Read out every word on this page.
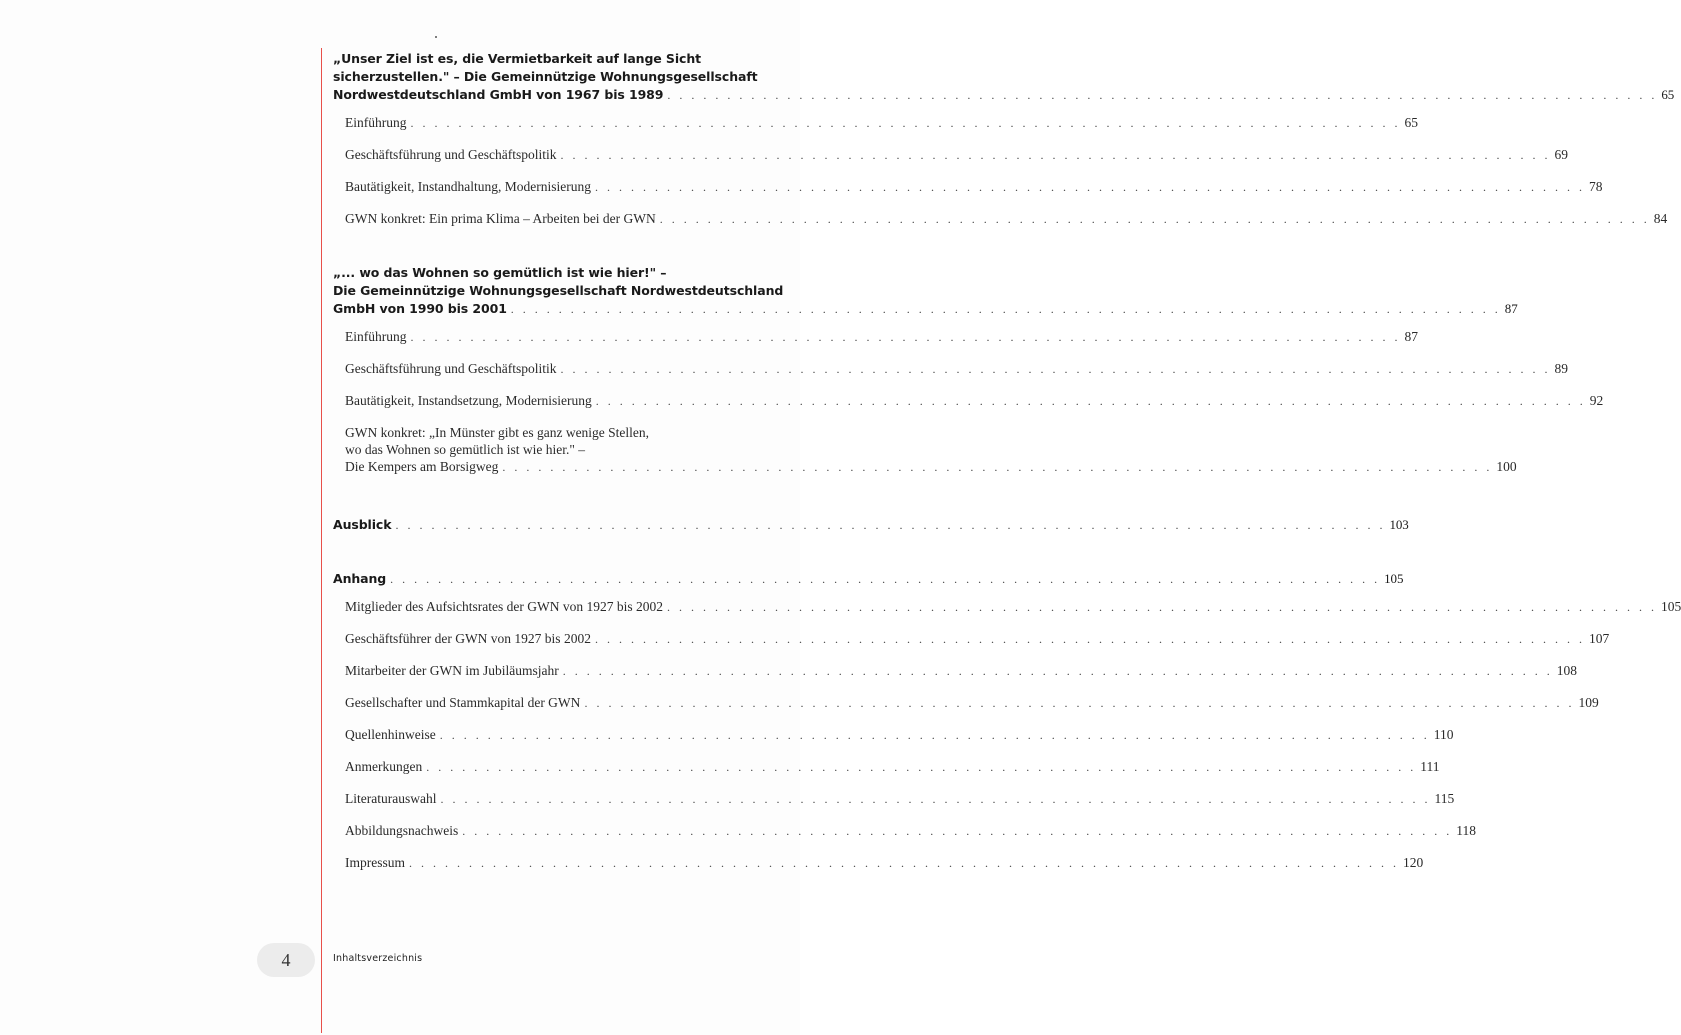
„Unser Ziel ist es, die Vermietbarkeit auf lange Sicht
sicherzustellen." – Die Gemeinnützige Wohnungsgesellschaft
Nordwestdeutschland GmbH von 1967 bis 1989 . . . . . . . . . . . . . . . . . . . . . . . . . . . . . . . . . . . . . . . . . . . . . . . . . . . . . . . . . . . . . . . . . . . . . . . . . . . . . . . . . . . 65
Einführung . . . . . . . . . . . . . . . . . . . . . . . . . . . . . . . . . . . . . . . . . . . . . . . . . . . . . . . . . . . . . . . . . . . . . . . . . . . . . . . . . . . 65
Geschäftsführung und Geschäftspolitik . . . . . . . . . . . . . . . . . . . . . . . . . . . . . . . . . . . . . . . . . . . . . . . . . . . . . . . . . . . . . . . . . . . . . . . . . . . . . . . . . . . 69
Bautätigkeit, Instandhaltung, Modernisierung . . . . . . . . . . . . . . . . . . . . . . . . . . . . . . . . . . . . . . . . . . . . . . . . . . . . . . . . . . . . . . . . . . . . . . . . . . . . . . . . . . . 78
GWN konkret: Ein prima Klima – Arbeiten bei der GWN . . . . . . . . . . . . . . . . . . . . . . . . . . . . . . . . . . . . . . . . . . . . . . . . . . . . . . . . . . . . . . . . . . . . . . . . . . . . . . . . . . . 84
„... wo das Wohnen so gemütlich ist wie hier!" –
Die Gemeinnützige Wohnungsgesellschaft Nordwestdeutschland
GmbH von 1990 bis 2001 . . . . . . . . . . . . . . . . . . . . . . . . . . . . . . . . . . . . . . . . . . . . . . . . . . . . . . . . . . . . . . . . . . . . . . . . . . . . . . . . . . . 87
Einführung . . . . . . . . . . . . . . . . . . . . . . . . . . . . . . . . . . . . . . . . . . . . . . . . . . . . . . . . . . . . . . . . . . . . . . . . . . . . . . . . . . . 87
Geschäftsführung und Geschäftspolitik . . . . . . . . . . . . . . . . . . . . . . . . . . . . . . . . . . . . . . . . . . . . . . . . . . . . . . . . . . . . . . . . . . . . . . . . . . . . . . . . . . . 89
Bautätigkeit, Instandsetzung, Modernisierung . . . . . . . . . . . . . . . . . . . . . . . . . . . . . . . . . . . . . . . . . . . . . . . . . . . . . . . . . . . . . . . . . . . . . . . . . . . . . . . . . . . 92
GWN konkret: „In Münster gibt es ganz wenige Stellen,
wo das Wohnen so gemütlich ist wie hier." –
Die Kempers am Borsigweg . . . . . . . . . . . . . . . . . . . . . . . . . . . . . . . . . . . . . . . . . . . . . . . . . . . . . . . . . . . . . . . . . . . . . . . . . . . . . . . . . . . 100
Ausblick . . . . . . . . . . . . . . . . . . . . . . . . . . . . . . . . . . . . . . . . . . . . . . . . . . . . . . . . . . . . . . . . . . . . . . . . . . . . . . . . . . . 103
Anhang . . . . . . . . . . . . . . . . . . . . . . . . . . . . . . . . . . . . . . . . . . . . . . . . . . . . . . . . . . . . . . . . . . . . . . . . . . . . . . . . . . . 105
Mitglieder des Aufsichtsrates der GWN von 1927 bis 2002 . . . . . . . . . . . . . . . . . . . . . . . . . . . . . . . . . . . . . . . . . . . . . . . . . . . . . . . . . . . . . . . . . . . . . . . . . . . . . . . . . . . 105
Geschäftsführer der GWN von 1927 bis 2002 . . . . . . . . . . . . . . . . . . . . . . . . . . . . . . . . . . . . . . . . . . . . . . . . . . . . . . . . . . . . . . . . . . . . . . . . . . . . . . . . . . . 107
Mitarbeiter der GWN im Jubiläumsjahr . . . . . . . . . . . . . . . . . . . . . . . . . . . . . . . . . . . . . . . . . . . . . . . . . . . . . . . . . . . . . . . . . . . . . . . . . . . . . . . . . . . 108
Gesellschafter und Stammkapital der GWN . . . . . . . . . . . . . . . . . . . . . . . . . . . . . . . . . . . . . . . . . . . . . . . . . . . . . . . . . . . . . . . . . . . . . . . . . . . . . . . . . . . 109
Quellenhinweise . . . . . . . . . . . . . . . . . . . . . . . . . . . . . . . . . . . . . . . . . . . . . . . . . . . . . . . . . . . . . . . . . . . . . . . . . . . . . . . . . . . 110
Anmerkungen . . . . . . . . . . . . . . . . . . . . . . . . . . . . . . . . . . . . . . . . . . . . . . . . . . . . . . . . . . . . . . . . . . . . . . . . . . . . . . . . . . . 111
Literaturauswahl . . . . . . . . . . . . . . . . . . . . . . . . . . . . . . . . . . . . . . . . . . . . . . . . . . . . . . . . . . . . . . . . . . . . . . . . . . . . . . . . . . . 115
Abbildungsnachweis . . . . . . . . . . . . . . . . . . . . . . . . . . . . . . . . . . . . . . . . . . . . . . . . . . . . . . . . . . . . . . . . . . . . . . . . . . . . . . . . . . . 118
Impressum . . . . . . . . . . . . . . . . . . . . . . . . . . . . . . . . . . . . . . . . . . . . . . . . . . . . . . . . . . . . . . . . . . . . . . . . . . . . . . . . . . . 120
4	Inhaltsverzeichnis
